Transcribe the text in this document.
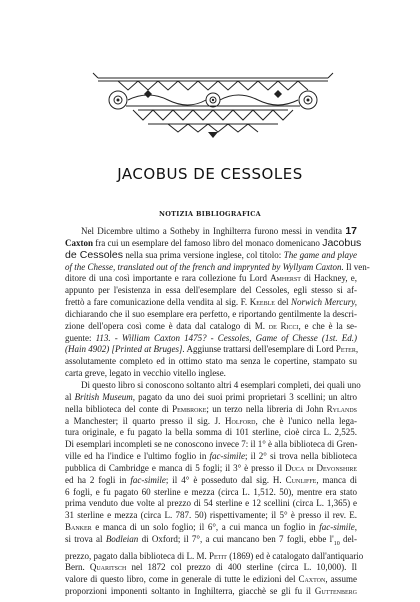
JACOBUS DE CESSOLES
NOTIZIA BIBLIOGRAFICA

Nel Dicembre ultimo a Sotheby in Inghilterra furono messi in vendita 17
Caxton fra cui un esemplare del famoso libro del monaco domenicano Jacobus
de Cessoles nella sua prima versione inglese, col titolo: The game and playe
of the Chesse, translated out of the french and imprynted by Wyllyam Caxton. Il ven-
ditore di una così importante e rara collezione fu Lord Amherst di Hackney, e,
appunto per l'esistenza in essa dell'esemplare del Cessoles, egli stesso si af-
frettò a fare comunicazione della vendita al sig. F. Keeble del Norwich Mercury,
dichiarando che il suo esemplare era perfetto, e riportando gentilmente la descri-
zione dell'opera così come è data dal catalogo di M. de Ricci, e che è la se-
guente: 113. - William Caxton 1475? - Cessoles, Game of Chesse (1st. Ed.)
(Hain 4902) [Printed at Bruges]. Aggiunse trattarsi dell'esemplare di Lord Peter,
assolutamente completo ed in ottimo stato ma senza le copertine, stampato su
carta greve, legato in vecchio vitello inglese.

Di questo libro si conoscono soltanto altri 4 esemplari completi, dei quali uno
al British Museum, pagato da uno dei suoi primi proprietari 3 scellini; un altro
nella biblioteca del conte di Pembroke; un terzo nella libreria di John Rylands
a Manchester; il quarto presso il sig. J. Holford, che è l'unico nella lega-
tura originale, e fu pagato la bella somma di 101 sterline, cioè circa L. 2,525.
Di esemplari incompleti se ne conoscono invece 7: il 1° è alla biblioteca di Gren-
ville ed ha l'indice e l'ultimo foglio in fac-simile; il 2° si trova nella biblioteca
pubblica di Cambridge e manca di 5 fogli; il 3° è presso il Duca di Devonshire
ed ha 2 fogli in fac-simile; il 4° è posseduto dal sig. H. Cunliffe, manca di
6 fogli, e fu pagato 60 sterline e mezza (circa L. 1,512. 50), mentre era stato
prima venduto due volte al prezzo di 54 sterline e 12 scellini (circa L. 1,365) e
31 sterline e mezza (circa L. 787. 50) rispettivamente; il 5° è presso il rev. E.
Banker e manca di un solo foglio; il 6°, a cui manca un foglio in fac-simile,
si trova al Bodleian di Oxford; il 7°, a cui mancano ben 7 fogli, ebbe $l'_{10}$ del-
prezzo, pagato dalla biblioteca di L. M. Petit (1869) ed è catalogato dall'antiquario
Bern. Quaritsch nel 1872 col prezzo di 400 sterline (circa L. 10,000). Il
valore di questo libro, come in generale di tutte le edizioni del Caxton, assume
proporzioni imponenti soltanto in Inghilterra, giacchè se gli fu il Guttenberg
